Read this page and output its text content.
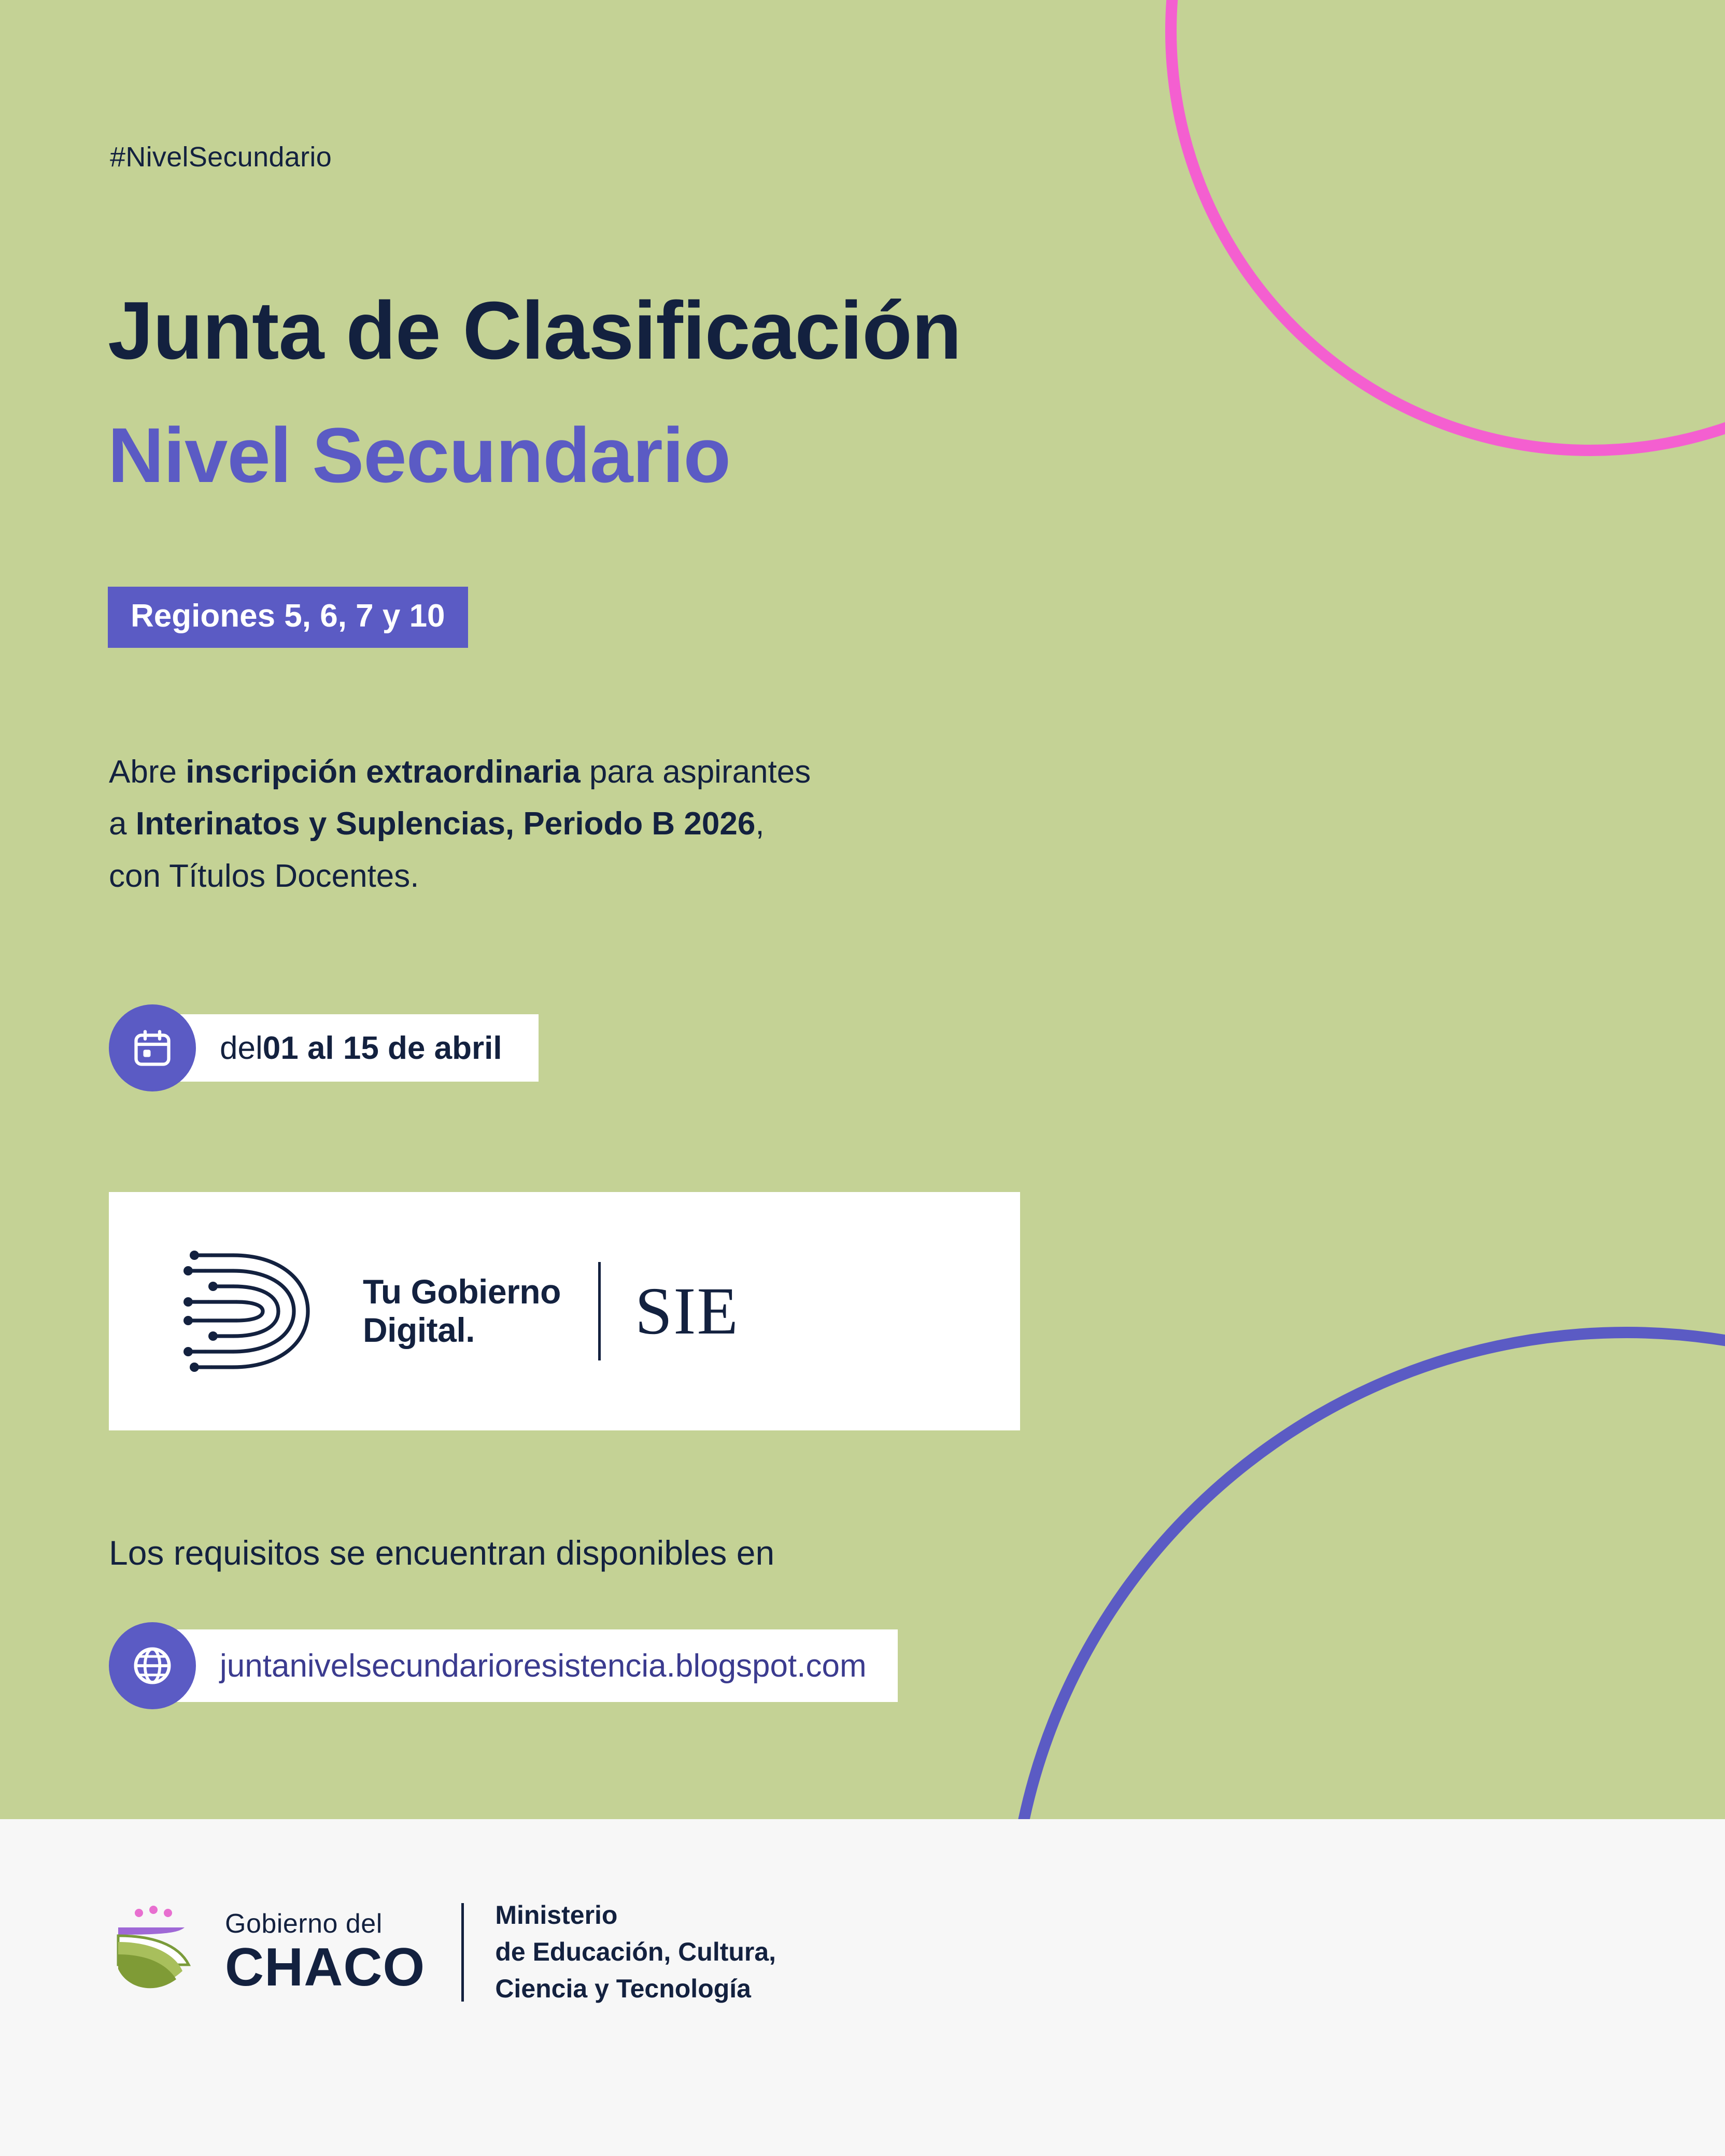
#NivelSecundario
Junta de Clasificación
Nivel Secundario
Regiones 5, 6, 7 y 10
Abre inscripción extraordinaria para aspirantes
a Interinatos y Suplencias, Periodo B 2026,
con Títulos Docentes.
del 01 al 15 de abril
Tu Gobierno
Digital.	SIE
Los requisitos se encuentran disponibles en
juntanivelsecundarioresistencia.blogspot.com
Gobierno del
CHACO
Ministerio
de Educación, Cultura,
Ciencia y Tecnología
